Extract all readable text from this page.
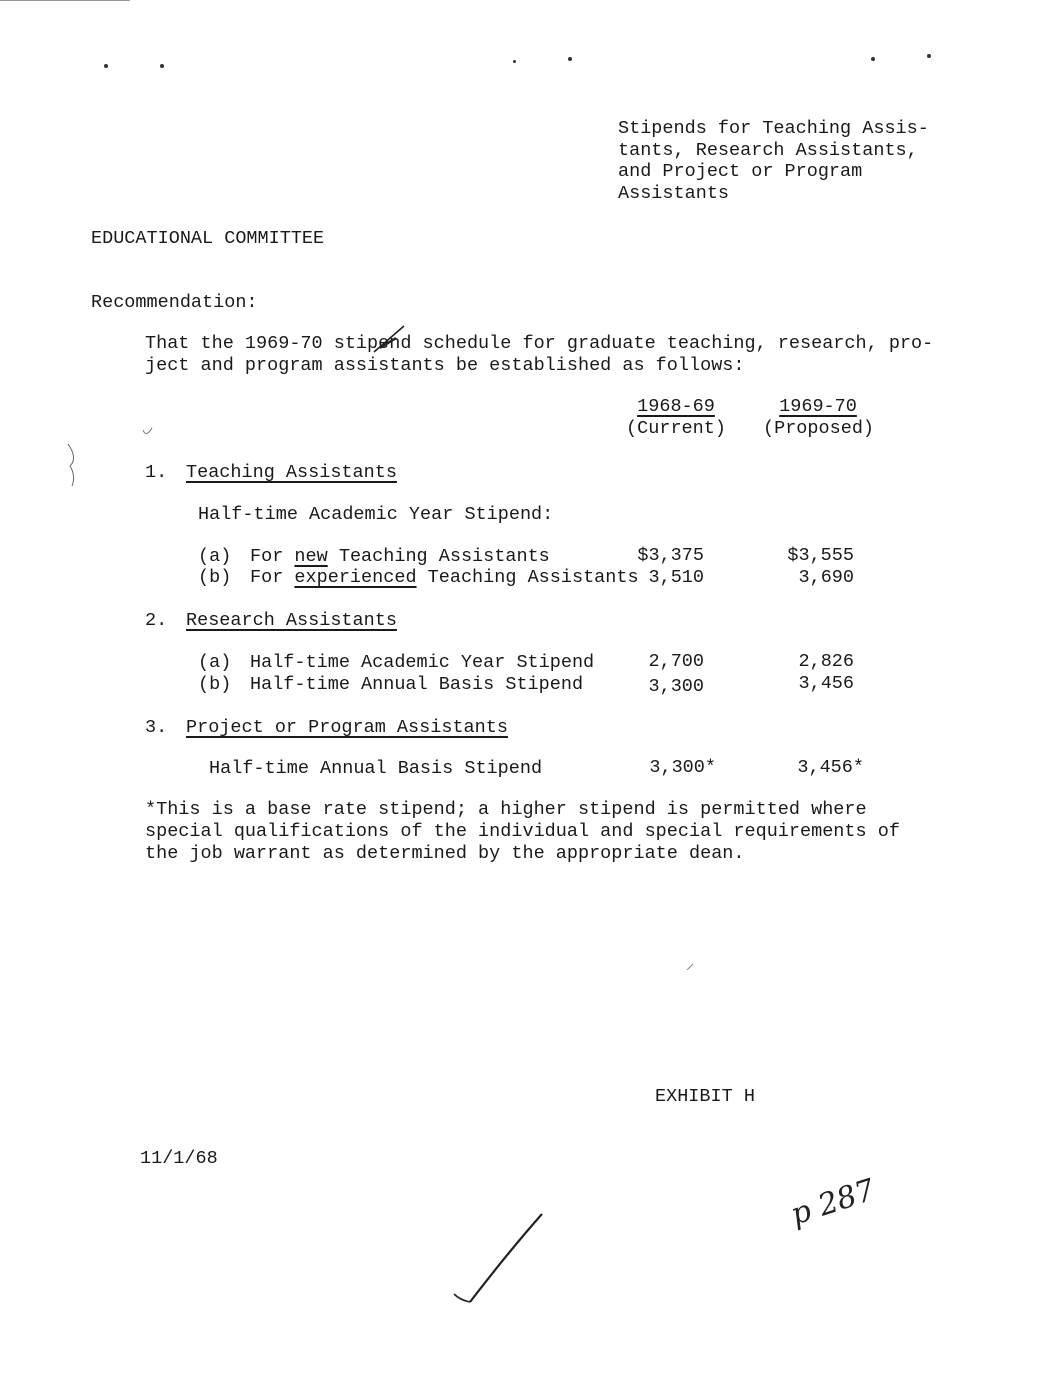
Stipends for Teaching Assis-
tants, Research Assistants,
and Project or Program
Assistants
EDUCATIONAL COMMITTEE
Recommendation:
That the 1969-70 stipend schedule for graduate teaching, research, pro-
ject and program assistants be established as follows:
1968-69
(Current)
1969-70
(Proposed)
1. Teaching Assistants
Half-time Academic Year Stipend:
(a) For new Teaching Assistants	$3,375	$3,555
(b) For experienced Teaching Assistants 3,510	3,690
2. Research Assistants
(a) Half-time Academic Year Stipend	2,700	2,826
(b) Half-time Annual Basis Stipend	3,300	3,456
3. Project or Program Assistants
Half-time Annual Basis Stipend	3,300*	3,456*
*This is a base rate stipend; a higher stipend is permitted where
special qualifications of the individual and special requirements of
the job warrant as determined by the appropriate dean.
EXHIBIT H
11/1/68
p 287
